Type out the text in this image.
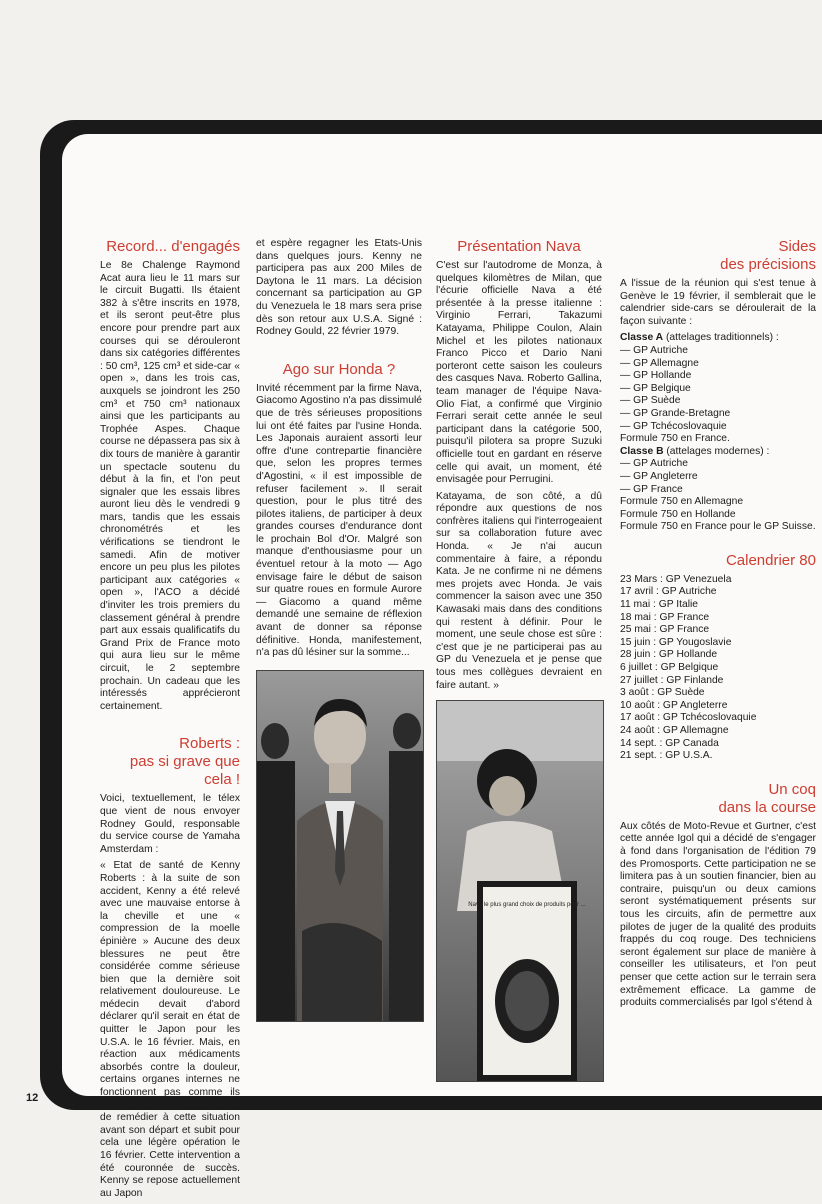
Record... d'engagés

Le 8e Chalenge Raymond Acat aura lieu le 11 mars sur le circuit Bugatti. Ils étaient 382 à s'être inscrits en 1978, et ils seront peut-être plus encore pour prendre part aux courses qui se dérouleront dans six catégories différentes : 50 cm³, 125 cm³ et side-car « open », dans les trois cas, auxquels se joindront les 250 cm³ et 750 cm³ nationaux ainsi que les participants au Trophée Aspes. Chaque course ne dépassera pas six à dix tours de manière à garantir un spectacle soutenu du début à la fin, et l'on peut signaler que les essais libres auront lieu dès le vendredi 9 mars, tandis que les essais chronométrés et les vérifications se tiendront le samedi. Afin de motiver encore un peu plus les pilotes participant aux catégories « open », l'ACO a décidé d'inviter les trois premiers du classement général à prendre part aux essais qualificatifs du Grand Prix de France moto qui aura lieu sur le même circuit, le 2 septembre prochain. Un cadeau que les intéressés apprécieront certainement.

Roberts :
pas si grave que
cela !

Voici, textuellement, le télex que vient de nous envoyer Rodney Gould, responsable du service course de Yamaha Amsterdam :

« Etat de santé de Kenny Roberts : à la suite de son accident, Kenny a été relevé avec une mauvaise entorse à la cheville et une « compression de la moelle épinière » Aucune des deux blessures ne peut être considérée comme sérieuse bien que la dernière soit relativement douloureuse. Le médecin devait d'abord déclarer qu'il serait en état de quitter le Japon pour les U.S.A. le 16 février. Mais, en réaction aux médicaments absorbés contre la douleur, certains organes internes ne fonctionnent pas comme ils l'auraient dû. Il fut alors décidé de remédier à cette situation avant son départ et subit pour cela une légère opération le 16 février. Cette intervention a été couronnée de succès. Kenny se repose actuellement au Japon

et espère regagner les Etats-Unis dans quelques jours. Kenny ne participera pas aux 200 Miles de Daytona le 11 mars. La décision concernant sa participation au GP du Venezuela le 18 mars sera prise dès son retour aux U.S.A. Signé : Rodney Gould, 22 février 1979.

Ago sur Honda ?

Invité récemment par la firme Nava, Giacomo Agostino n'a pas dissimulé que de très sérieuses propositions lui ont été faites par l'usine Honda. Les Japonais auraient assorti leur offre d'une contrepartie financière que, selon les propres termes d'Agostini, « il est impossible de refuser facilement ». Il serait question, pour le plus titré des pilotes italiens, de participer à deux grandes courses d'endurance dont le prochain Bol d'Or. Malgré son manque d'enthousiasme pour un éventuel retour à la moto — Ago envisage faire le début de saison sur quatre roues en formule Aurore — Giacomo a quand même demandé une semaine de réflexion avant de donner sa réponse définitive. Honda, manifestement, n'a pas dû lésiner sur la somme...

Présentation Nava

C'est sur l'autodrome de Monza, à quelques kilomètres de Milan, que l'écurie officielle Nava a été présentée à la presse italienne : Virginio Ferrari, Takazumi Katayama, Philippe Coulon, Alain Michel et les pilotes nationaux Franco Picco et Dario Nani porteront cette saison les couleurs des casques Nava. Roberto Gallina, team manager de l'équipe Nava-Olio Fiat, a confirmé que Virginio Ferrari serait cette année le seul participant dans la catégorie 500, puisqu'il pilotera sa propre Suzuki officielle tout en gardant en réserve celle qui avait, un moment, été envisagée pour Perrugini.

Katayama, de son côté, a dû répondre aux questions de nos confrères italiens qui l'interrogeaient sur sa collaboration future avec Honda. « Je n'ai aucun commentaire à faire, a répondu Kata. Je ne confirme ni ne démens mes projets avec Honda. Je vais commencer la saison avec une 350 Kawasaki mais dans des conditions qui restent à définir. Pour le moment, une seule chose est sûre : c'est que je ne participerai pas au GP du Venezuela et je pense que tous mes collègues devraient en faire autant. »

Nava le plus grand choix de produits pour ...
Sides
des précisions

A l'issue de la réunion qui s'est tenue à Genève le 19 février, il semblerait que le calendrier side-cars se déroulerait de la façon suivante :

Classe A (attelages traditionnels) :
— GP Autriche
— GP Allemagne
— GP Hollande
— GP Belgique
— GP Suède
— GP Grande-Bretagne
— GP Tchécoslovaquie
Formule 750 en France.
Classe B (attelages modernes) :
— GP Autriche
— GP Angleterre
— GP France
Formule 750 en Allemagne
Formule 750 en Hollande
Formule 750 en France pour le GP Suisse.
Calendrier 80
23 Mars : GP Venezuela
17 avril : GP Autriche
11 mai : GP Italie
18 mai : GP France
25 mai : GP France
15 juin : GP Yougoslavie
28 juin : GP Hollande
6 juillet : GP Belgique
27 juillet : GP Finlande
3 août : GP Suède
10 août : GP Angleterre
17 août : GP Tchécoslovaquie
24 août : GP Allemagne
14 sept. : GP Canada
21 sept. : GP U.S.A.
Un coq
dans la course

Aux côtés de Moto-Revue et Gurtner, c'est cette année Igol qui a décidé de s'engager à fond dans l'organisation de l'édition 79 des Promosports. Cette participation ne se limitera pas à un soutien financier, bien au contraire, puisqu'un ou deux camions seront systématiquement présents sur tous les circuits, afin de permettre aux pilotes de juger de la qualité des produits frappés du coq rouge. Des techniciens seront également sur place de manière à conseiller les utilisateurs, et l'on peut penser que cette action sur le terrain sera extrêmement efficace. La gamme de produits commercialisés par Igol s'étend à

12
